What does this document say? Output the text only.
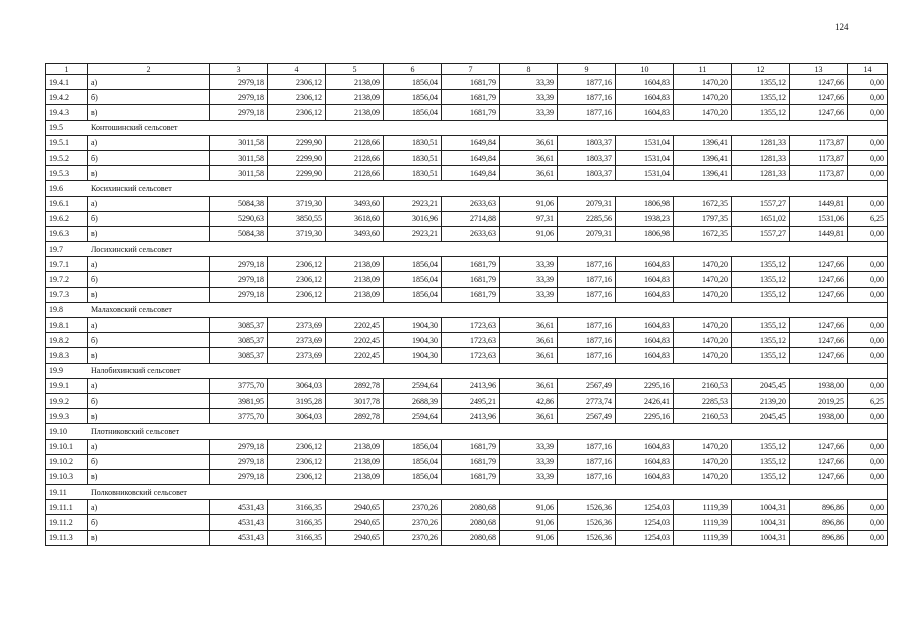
124
1	2	3	4	5	6	7	8	9	10	11	12	13	14
19.4.1	а)	2979,18	2306,12	2138,09	1856,04	1681,79	33,39	1877,16	1604,83	1470,20	1355,12	1247,66	0,00
19.4.2	б)	2979,18	2306,12	2138,09	1856,04	1681,79	33,39	1877,16	1604,83	1470,20	1355,12	1247,66	0,00
19.4.3	в)	2979,18	2306,12	2138,09	1856,04	1681,79	33,39	1877,16	1604,83	1470,20	1355,12	1247,66	0,00
19.5 Контошинский сельсовет													
19.5.1	а)	3011,58	2299,90	2128,66	1830,51	1649,84	36,61	1803,37	1531,04	1396,41	1281,33	1173,87	0,00
19.5.2	б)	3011,58	2299,90	2128,66	1830,51	1649,84	36,61	1803,37	1531,04	1396,41	1281,33	1173,87	0,00
19.5.3	в)	3011,58	2299,90	2128,66	1830,51	1649,84	36,61	1803,37	1531,04	1396,41	1281,33	1173,87	0,00
19.6 Косихинский сельсовет													
19.6.1	а)	5084,38	3719,30	3493,60	2923,21	2633,63	91,06	2079,31	1806,98	1672,35	1557,27	1449,81	0,00
19.6.2	б)	5290,63	3850,55	3618,60	3016,96	2714,88	97,31	2285,56	1938,23	1797,35	1651,02	1531,06	6,25
19.6.3	в)	5084,38	3719,30	3493,60	2923,21	2633,63	91,06	2079,31	1806,98	1672,35	1557,27	1449,81	0,00
19.7 Лосихинский сельсовет													
19.7.1	а)	2979,18	2306,12	2138,09	1856,04	1681,79	33,39	1877,16	1604,83	1470,20	1355,12	1247,66	0,00
19.7.2	б)	2979,18	2306,12	2138,09	1856,04	1681,79	33,39	1877,16	1604,83	1470,20	1355,12	1247,66	0,00
19.7.3	в)	2979,18	2306,12	2138,09	1856,04	1681,79	33,39	1877,16	1604,83	1470,20	1355,12	1247,66	0,00
19.8 Малаховский сельсовет													
19.8.1	а)	3085,37	2373,69	2202,45	1904,30	1723,63	36,61	1877,16	1604,83	1470,20	1355,12	1247,66	0,00
19.8.2	б)	3085,37	2373,69	2202,45	1904,30	1723,63	36,61	1877,16	1604,83	1470,20	1355,12	1247,66	0,00
19.8.3	в)	3085,37	2373,69	2202,45	1904,30	1723,63	36,61	1877,16	1604,83	1470,20	1355,12	1247,66	0,00
19.9 Налобихинский сельсовет													
19.9.1	а)	3775,70	3064,03	2892,78	2594,64	2413,96	36,61	2567,49	2295,16	2160,53	2045,45	1938,00	0,00
19.9.2	б)	3981,95	3195,28	3017,78	2688,39	2495,21	42,86	2773,74	2426,41	2285,53	2139,20	2019,25	6,25
19.9.3	в)	3775,70	3064,03	2892,78	2594,64	2413,96	36,61	2567,49	2295,16	2160,53	2045,45	1938,00	0,00
19.10 Плотниковский сельсовет													
19.10.1	а)	2979,18	2306,12	2138,09	1856,04	1681,79	33,39	1877,16	1604,83	1470,20	1355,12	1247,66	0,00
19.10.2	б)	2979,18	2306,12	2138,09	1856,04	1681,79	33,39	1877,16	1604,83	1470,20	1355,12	1247,66	0,00
19.10.3	в)	2979,18	2306,12	2138,09	1856,04	1681,79	33,39	1877,16	1604,83	1470,20	1355,12	1247,66	0,00
19.11 Полковниковский сельсовет													
19.11.1	а)	4531,43	3166,35	2940,65	2370,26	2080,68	91,06	1526,36	1254,03	1119,39	1004,31	896,86	0,00
19.11.2	б)	4531,43	3166,35	2940,65	2370,26	2080,68	91,06	1526,36	1254,03	1119,39	1004,31	896,86	0,00
19.11.3	в)	4531,43	3166,35	2940,65	2370,26	2080,68	91,06	1526,36	1254,03	1119,39	1004,31	896,86	0,00
